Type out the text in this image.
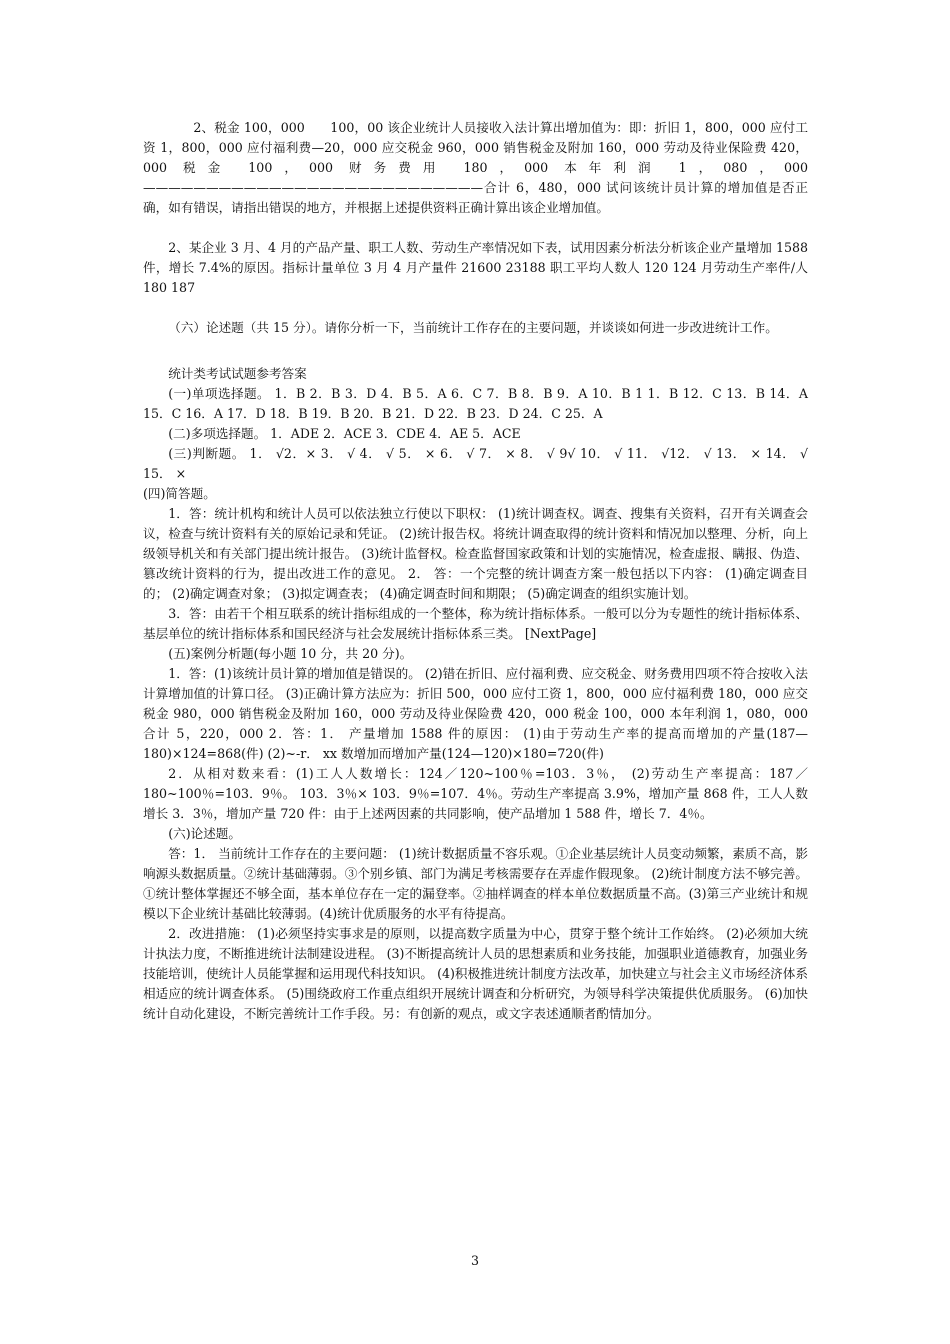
2、税金 100，000　　100，00 该企业统计人员接收入法计算出增加值为：即：折旧 1，800，000 应付工资 1，800，000 应付福利费—20，000 应交税金 960，000 销售税金及附加 160，000 劳动及待业保险费 420，000 税金 100，000 财务费用 180，000 本年利润 1，080，000 ———————————————————————————合计 6，480，000 试问该统计员计算的增加值是否正确，如有错误，请指出错误的地方，并根据上述提供资料正确计算出该企业增加值。

2、某企业 3 月、4 月的产品产量、职工人数、劳动生产率情况如下表，试用因素分析法分析该企业产量增加 1588 件，增长 7.4%的原因。指标计量单位 3 月 4 月产量件 21600 23188 职工平均人数人 120 124 月劳动生产率件/人 180 187

（六）论述题（共 15 分）。请你分析一下，当前统计工作存在的主要问题，并谈谈如何进一步改进统计工作。

统计类考试试题参考答案

(一)单项选择题。 1．B 2．B 3．D 4．B 5．A 6．C 7．B 8．B 9．A 10．B 1 1．B 12．C 13．B 14．A 15．C 16．A 17．D 18．B 19．B 20．B 21．D 22．B 23．D 24．C 25．A

(二)多项选择题。 1．ADE 2．ACE 3．CDE 4．AE 5．ACE

(三)判断题。 1． √2．× 3． √ 4． √ 5． × 6． √ 7． × 8． √ 9√ 10． √ 11． √12． √ 13． × 14． √ 15． ×

(四)简答题。

1．答：统计机构和统计人员可以依法独立行使以下职权： (1)统计调查权。调查、搜集有关资料，召开有关调查会议，检查与统计资料有关的原始记录和凭证。 (2)统计报告权。将统计调查取得的统计资料和情况加以整理、分析，向上级领导机关和有关部门提出统计报告。 (3)统计监督权。检查监督国家政策和计划的实施情况，检查虚报、瞒报、伪造、篡改统计资料的行为，提出改进工作的意见。 2． 答：一个完整的统计调查方案一般包括以下内容： (1)确定调查目的； (2)确定调查对象； (3)拟定调查表； (4)确定调查时间和期限； (5)确定调查的组织实施计划。

3．答：由若干个相互联系的统计指标组成的一个整体，称为统计指标体系。一般可以分为专题性的统计指标体系、基层单位的统计指标体系和国民经济与社会发展统计指标体系三类。 [NextPage]

(五)案例分析题(每小题 10 分，共 20 分)。

1．答：(1)该统计员计算的增加值是错误的。 (2)错在折旧、应付福利费、应交税金、财务费用四项不符合按收入法计算增加值的计算口径。 (3)正确计算方法应为：折旧 500，000 应付工资 1，800，000 应付福利费 180，000 应交税金 980，000 销售税金及附加 160，000 劳动及待业保险费 420，000 税金 100，000 本年利润 1，080，000 合计 5，220，000 2．答：1． 产量增加 1588 件的原因： (1)由于劳动生产率的提高而增加的产量(187—180)×124=868(件) (2)~-r． xx 数增加而增加产量(124—120)×180=720(件)

2．从相对数来看：(1)工人人数增长：124／120~100％=103．3％， (2)劳动生产率提高：187／180~100％=103．9％。 103．3％× 103．9％=107．4％。劳动生产率提高 3.9%，增加产量 868 件，工人人数增长 3．3％，增加产量 720 件：由于上述两因素的共同影响，使产品增加 1 588 件，增长 7．4％。

(六)论述题。

答：1． 当前统计工作存在的主要问题： (1)统计数据质量不容乐观。①企业基层统计人员变动频繁，素质不高，影响源头数据质量。②统计基础薄弱。③个别乡镇、部门为满足考核需要存在弄虚作假现象。 (2)统计制度方法不够完善。①统计整体掌握还不够全面，基本单位存在一定的漏登率。②抽样调查的样本单位数据质量不高。(3)第三产业统计和规模以下企业统计基础比较薄弱。(4)统计优质服务的水平有待提高。

2．改进措施： (1)必须坚持实事求是的原则，以提高数字质量为中心，贯穿于整个统计工作始终。 (2)必须加大统计执法力度，不断推进统计法制建设进程。 (3)不断提高统计人员的思想素质和业务技能，加强职业道德教育，加强业务技能培训，使统计人员能掌握和运用现代科技知识。 (4)积极推进统计制度方法改革，加快建立与社会主义市场经济体系相适应的统计调查体系。 (5)围绕政府工作重点组织开展统计调查和分析研究，为领导科学决策提供优质服务。 (6)加快统计自动化建设，不断完善统计工作手段。另：有创新的观点，或文字表述通顺者酌情加分。

3
